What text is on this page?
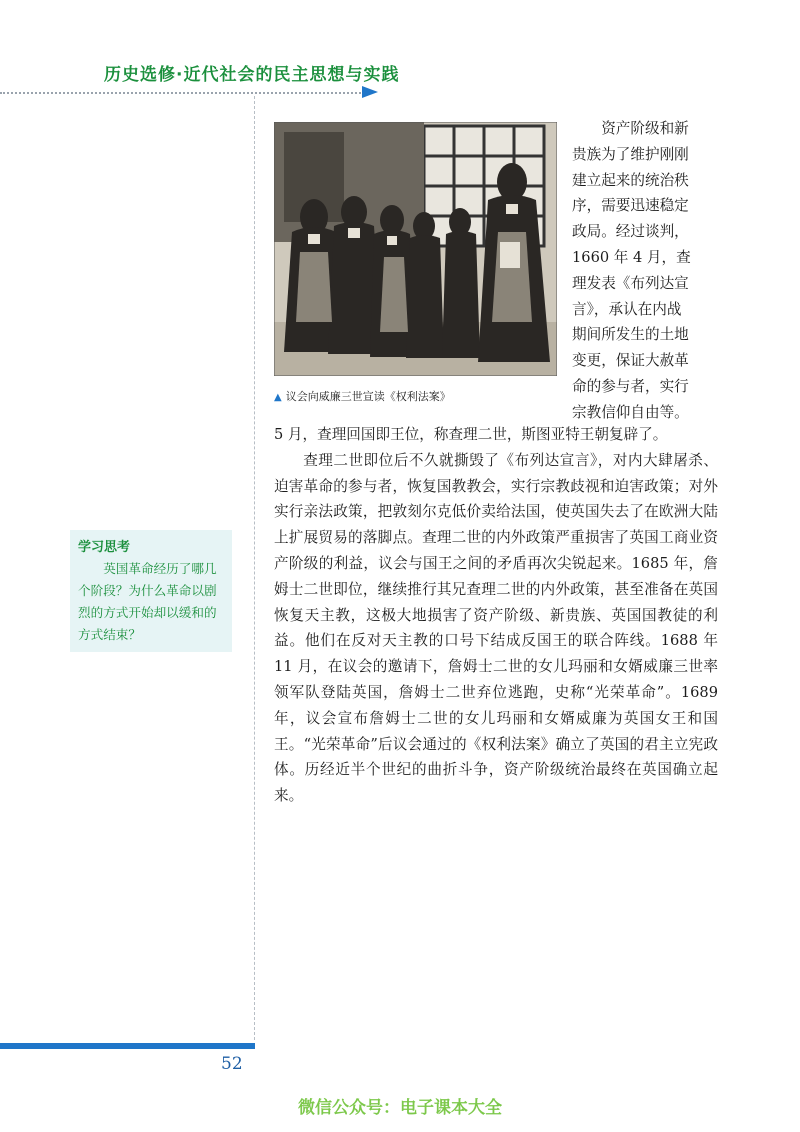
历史选修·近代社会的民主思想与实践
▲ 议会向威廉三世宣读《权利法案》

资产阶级和新

贵族为了维护刚刚

建立起来的统治秩

序，需要迅速稳定

政局。经过谈判，

1660 年 4 月，查

理发表《布列达宣

言》，承认在内战

期间所发生的土地

变更，保证大赦革

命的参与者，实行

宗教信仰自由等。

5 月，查理回国即王位，称查理二世，斯图亚特王朝复辟了。

查理二世即位后不久就撕毁了《布列达宣言》，对内大肆屠杀、迫害革命的参与者，恢复国教教会，实行宗教歧视和迫害政策；对外实行亲法政策，把敦刻尔克低价卖给法国，使英国失去了在欧洲大陆上扩展贸易的落脚点。查理二世的内外政策严重损害了英国工商业资产阶级的利益，议会与国王之间的矛盾再次尖锐起来。1685 年，詹姆士二世即位，继续推行其兄查理二世的内外政策，甚至准备在英国恢复天主教，这极大地损害了资产阶级、新贵族、英国国教徒的利益。他们在反对天主教的口号下结成反国王的联合阵线。1688 年 11 月，在议会的邀请下，詹姆士二世的女儿玛丽和女婿威廉三世率领军队登陆英国，詹姆士二世弃位逃跑，史称“光荣革命”。1689 年，议会宣布詹姆士二世的女儿玛丽和女婿威廉为英国女王和国王。“光荣革命”后议会通过的《权利法案》确立了英国的君主立宪政体。历经近半个世纪的曲折斗争，资产阶级统治最终在英国确立起来。

学习思考
英国革命经历了哪几个阶段？为什么革命以剧烈的方式开始却以缓和的方式结束？
52
微信公众号：电子课本大全
